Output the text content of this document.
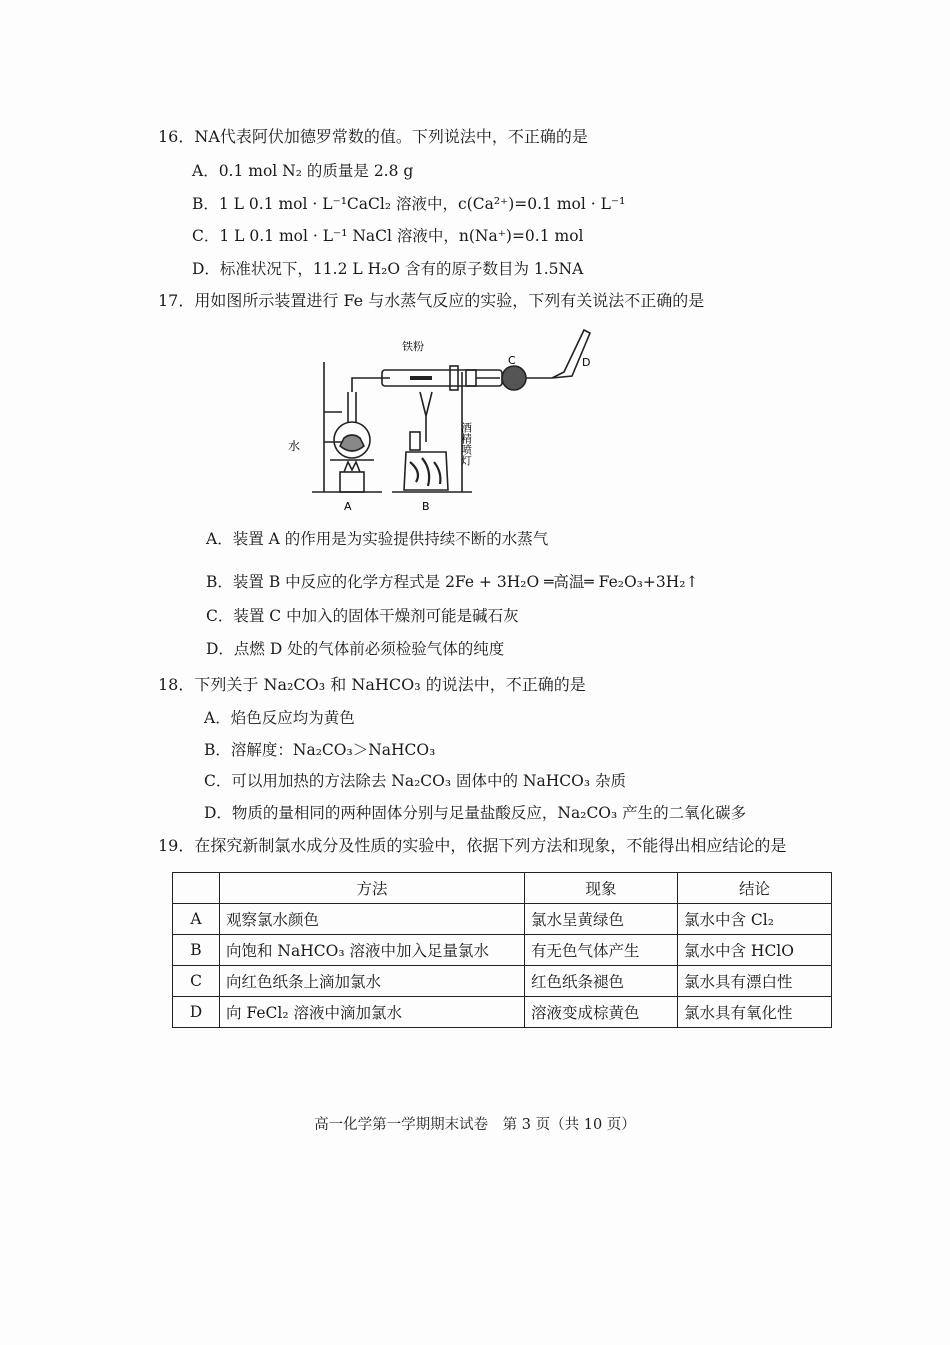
16．NA代表阿伏加德罗常数的值。下列说法中，不正确的是
A．0.1 mol N₂ 的质量是 2.8 g
B．1 L 0.1 mol · L⁻¹CaCl₂ 溶液中，c(Ca²⁺)=0.1 mol · L⁻¹
C．1 L 0.1 mol · L⁻¹ NaCl 溶液中，n(Na⁺)=0.1 mol
D．标准状况下，11.2 L H₂O 含有的原子数目为 1.5NA
17．用如图所示装置进行 Fe 与水蒸气反应的实验，下列有关说法不正确的是
铁粉
水
A	B
C	D
酒精喷灯
A．装置 A 的作用是为实验提供持续不断的水蒸气
B．装置 B 中反应的化学方程式是 2Fe + 3H₂O ═高温═ Fe₂O₃+3H₂↑
C．装置 C 中加入的固体干燥剂可能是碱石灰
D．点燃 D 处的气体前必须检验气体的纯度
18．下列关于 Na₂CO₃ 和 NaHCO₃ 的说法中，不正确的是
A．焰色反应均为黄色
B．溶解度：Na₂CO₃＞NaHCO₃
C．可以用加热的方法除去 Na₂CO₃ 固体中的 NaHCO₃ 杂质
D．物质的量相同的两种固体分别与足量盐酸反应，Na₂CO₃ 产生的二氧化碳多
19．在探究新制氯水成分及性质的实验中，依据下列方法和现象，不能得出相应结论的是
	方法	现象	结论
A	观察氯水颜色	氯水呈黄绿色	氯水中含 Cl₂
B	向饱和 NaHCO₃ 溶液中加入足量氯水	有无色气体产生	氯水中含 HClO
C	向红色纸条上滴加氯水	红色纸条褪色	氯水具有漂白性
D	向 FeCl₂ 溶液中滴加氯水	溶液变成棕黄色	氯水具有氧化性
高一化学第一学期期末试卷　第 3 页（共 10 页）
